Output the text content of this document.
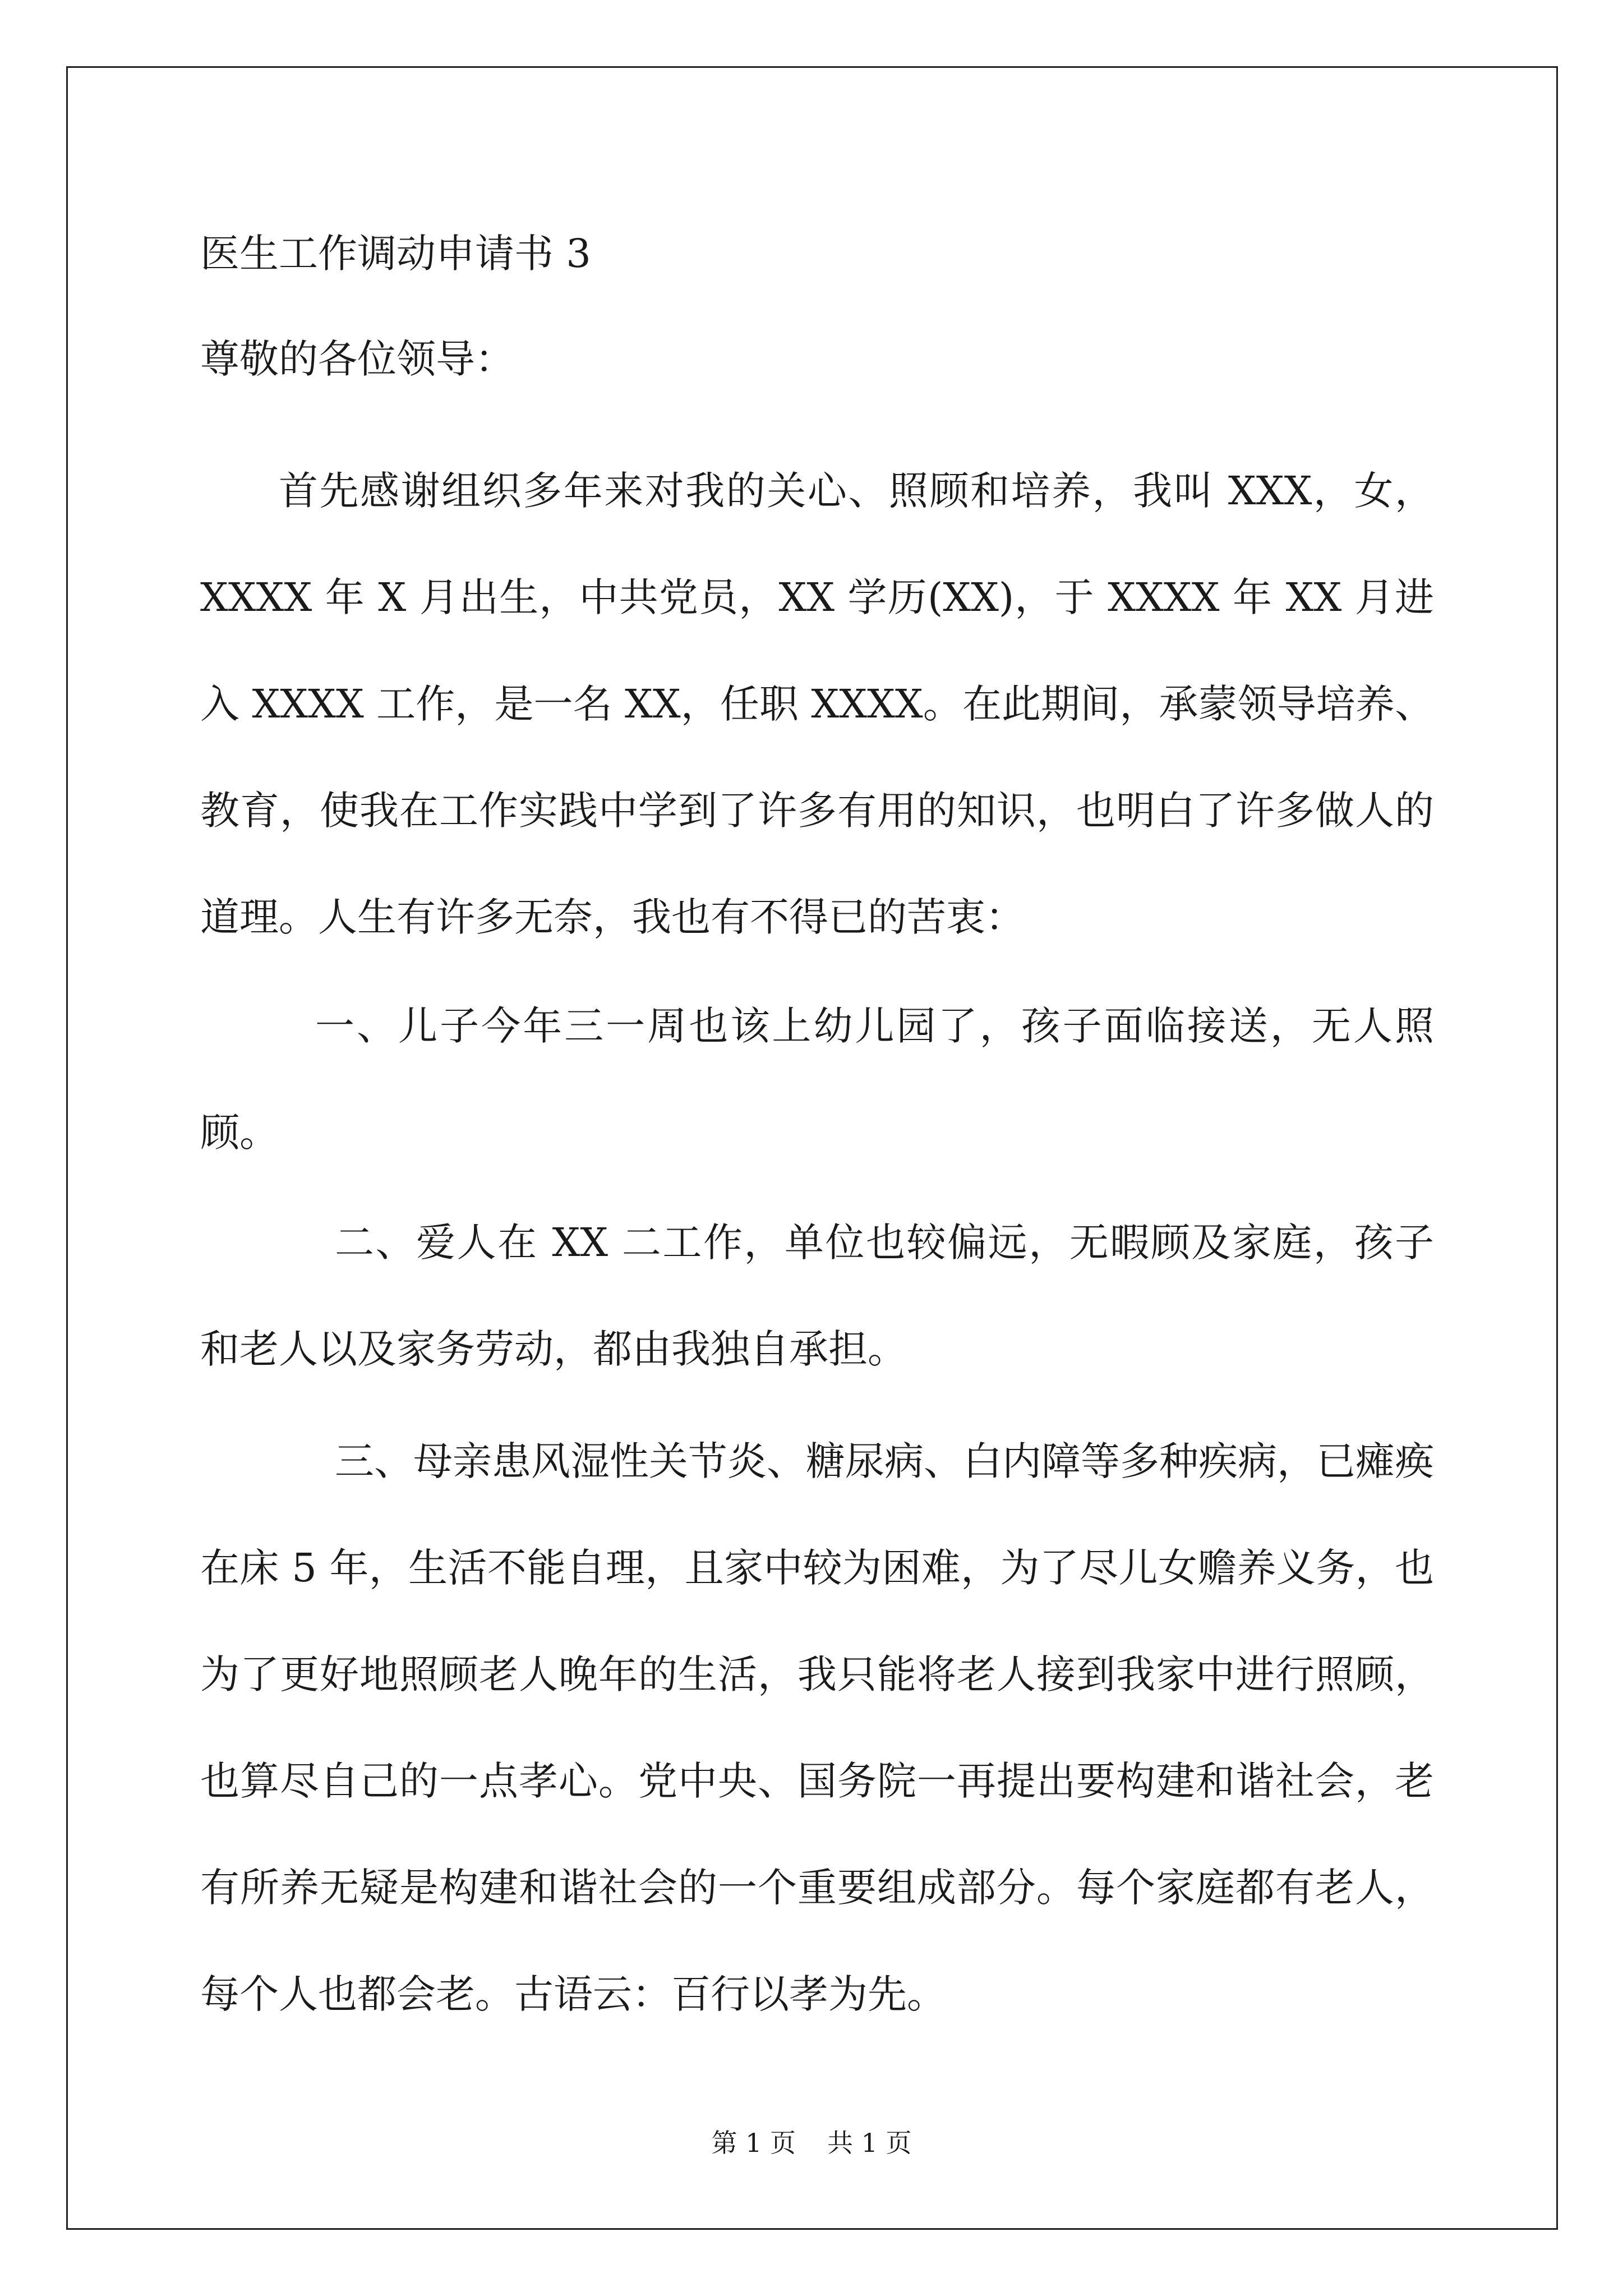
医生工作调动申请书 3
尊敬的各位领导：
首先感谢组织多年来对我的关心、照顾和培养，我叫 XXX，女，XXXX 年 X 月出生，中共党员，XX 学历(XX)，于 XXXX 年 XX 月进入 XXXX 工作，是一名 XX，任职 XXXX。在此期间，承蒙领导培养、教育，使我在工作实践中学到了许多有用的知识，也明白了许多做人的道理。人生有许多无奈，我也有不得已的苦衷：
一、儿子今年三一周也该上幼儿园了，孩子面临接送，无人照顾。
二、爱人在 XX 二工作，单位也较偏远，无暇顾及家庭，孩子和老人以及家务劳动，都由我独自承担。
三、母亲患风湿性关节炎、糖尿病、白内障等多种疾病，已瘫痪在床 5 年，生活不能自理，且家中较为困难，为了尽儿女赡养义务，也为了更好地照顾老人晚年的生活，我只能将老人接到我家中进行照顾，也算尽自己的一点孝心。党中央、国务院一再提出要构建和谐社会，老有所养无疑是构建和谐社会的一个重要组成部分。每个家庭都有老人，每个人也都会老。古语云：百行以孝为先。
第 1 页 共 1 页
